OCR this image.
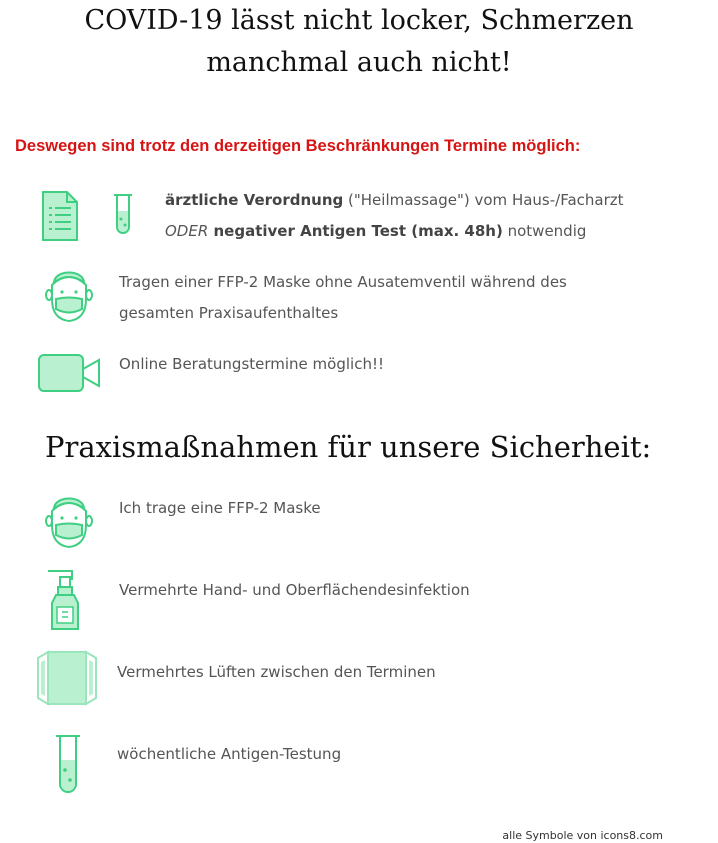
COVID-19 lässt nicht locker, Schmerzen
manchmal auch nicht!
Deswegen sind trotz den derzeitigen Beschränkungen Termine möglich:
ärztliche Verordnung ("Heilmassage") vom Haus-/Facharzt
ODER negativer Antigen Test (max. 48h) notwendig
Tragen einer FFP-2 Maske ohne Ausatemventil während des
gesamten Praxisaufenthaltes
Online Beratungstermine möglich!!
Praxismaßnahmen für unsere Sicherheit:
Ich trage eine FFP-2 Maske
Vermehrte Hand- und Oberflächendesinfektion
Vermehrtes Lüften zwischen den Terminen
wöchentliche Antigen-Testung
alle Symbole von icons8.com
